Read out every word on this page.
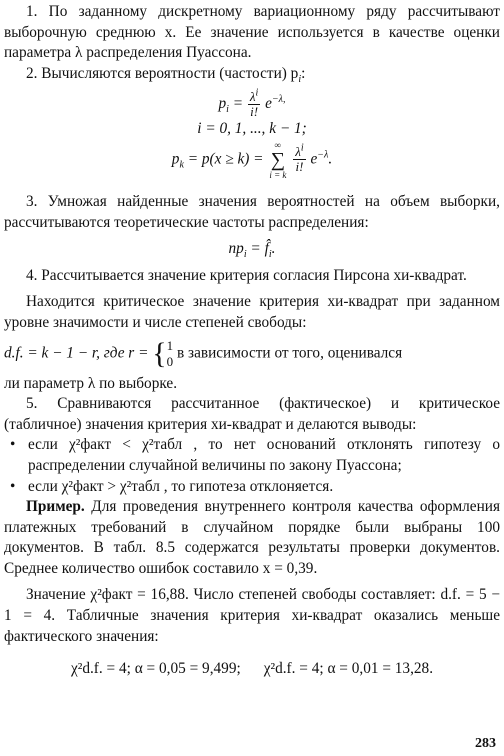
1. По заданному дискретному вариационному ряду рассчитывают выборочную среднюю x. Ее значение используется в качестве оценки параметра λ распределения Пуассона.

2. Вычисляются вероятности (частости) $p_i$:

$p_i = \frac{\lambda^i}{i!} e^{-\lambda,}$

i = 0, 1, ..., k − 1;

$p_k = p(x \ge k)$ = ∞
∑
i = k
$\frac{\lambda^i}{i!} e^{-\lambda}$.

3. Умножая найденные значения вероятностей на объем выборки, рассчитываются теоретические частоты распределения:

$np_i$ = $f̂_i$.

4. Рассчитывается значение критерия согласия Пирсона хи-квадрат.

Находится критическое значение критерия хи-квадрат при заданном уровне значимости и числе степеней свободы:

d.f. = k − 1 − r, где r = {1
0 в зависимости от того, оценивался

ли параметр λ по выборке.

5. Сравниваются рассчитанное (фактическое) и критическое (табличное) значения критерия хи-квадрат и делаются выводы:

• если χ²факт < χ²табл , то нет оснований отклонять гипотезу о распределении случайной величины по закону Пуассона;
• если χ²факт > χ²табл , то гипотеза отклоняется.

Пример. Для проведения внутреннего контроля качества оформления платежных требований в случайном порядке были выбраны 100 документов. В табл. 8.5 содержатся результаты проверки документов. Среднее количество ошибок составило x = 0,39.

Значение χ²факт = 16,88. Число степеней свободы составляет: d.f. = 5 − 1 = 4. Табличные значения критерия хи-квадрат оказались меньше фактического значения:

χ²d.f. = 4; α = 0,05 = 9,499; χ²d.f. = 4; α = 0,01 = 13,28.

283
